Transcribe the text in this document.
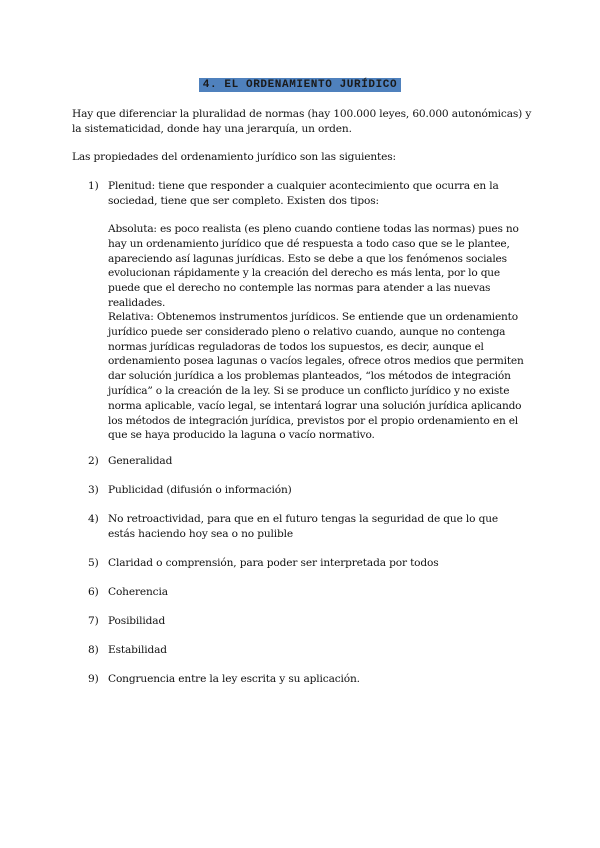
4. EL ORDENAMIENTO JURÍDICO
Hay que diferenciar la pluralidad de normas (hay 100.000 leyes, 60.000 autonómicas) y la sistematicidad, donde hay una jerarquía, un orden.
Las propiedades del ordenamiento jurídico son las siguientes:
1) Plenitud: tiene que responder a cualquier acontecimiento que ocurra en la sociedad, tiene que ser completo. Existen dos tipos:
Absoluta: es poco realista (es pleno cuando contiene todas las normas) pues no hay un ordenamiento jurídico que dé respuesta a todo caso que se le plantee, apareciendo así lagunas jurídicas. Esto se debe a que los fenómenos sociales evolucionan rápidamente y la creación del derecho es más lenta, por lo que puede que el derecho no contemple las normas para atender a las nuevas realidades.
Relativa: Obtenemos instrumentos jurídicos. Se entiende que un ordenamiento jurídico puede ser considerado pleno o relativo cuando, aunque no contenga normas jurídicas reguladoras de todos los supuestos, es decir, aunque el ordenamiento posea lagunas o vacíos legales, ofrece otros medios que permiten dar solución jurídica a los problemas planteados, “los métodos de integración jurídica” o la creación de la ley. Si se produce un conflicto jurídico y no existe norma aplicable, vacío legal, se intentará lograr una solución jurídica aplicando los métodos de integración jurídica, previstos por el propio ordenamiento en el que se haya producido la laguna o vacío normativo.
2) Generalidad
3) Publicidad (difusión o información)
4) No retroactividad, para que en el futuro tengas la seguridad de que lo que estás haciendo hoy sea o no pulible
5) Claridad o comprensión, para poder ser interpretada por todos
6) Coherencia
7) Posibilidad
8) Estabilidad
9) Congruencia entre la ley escrita y su aplicación.
